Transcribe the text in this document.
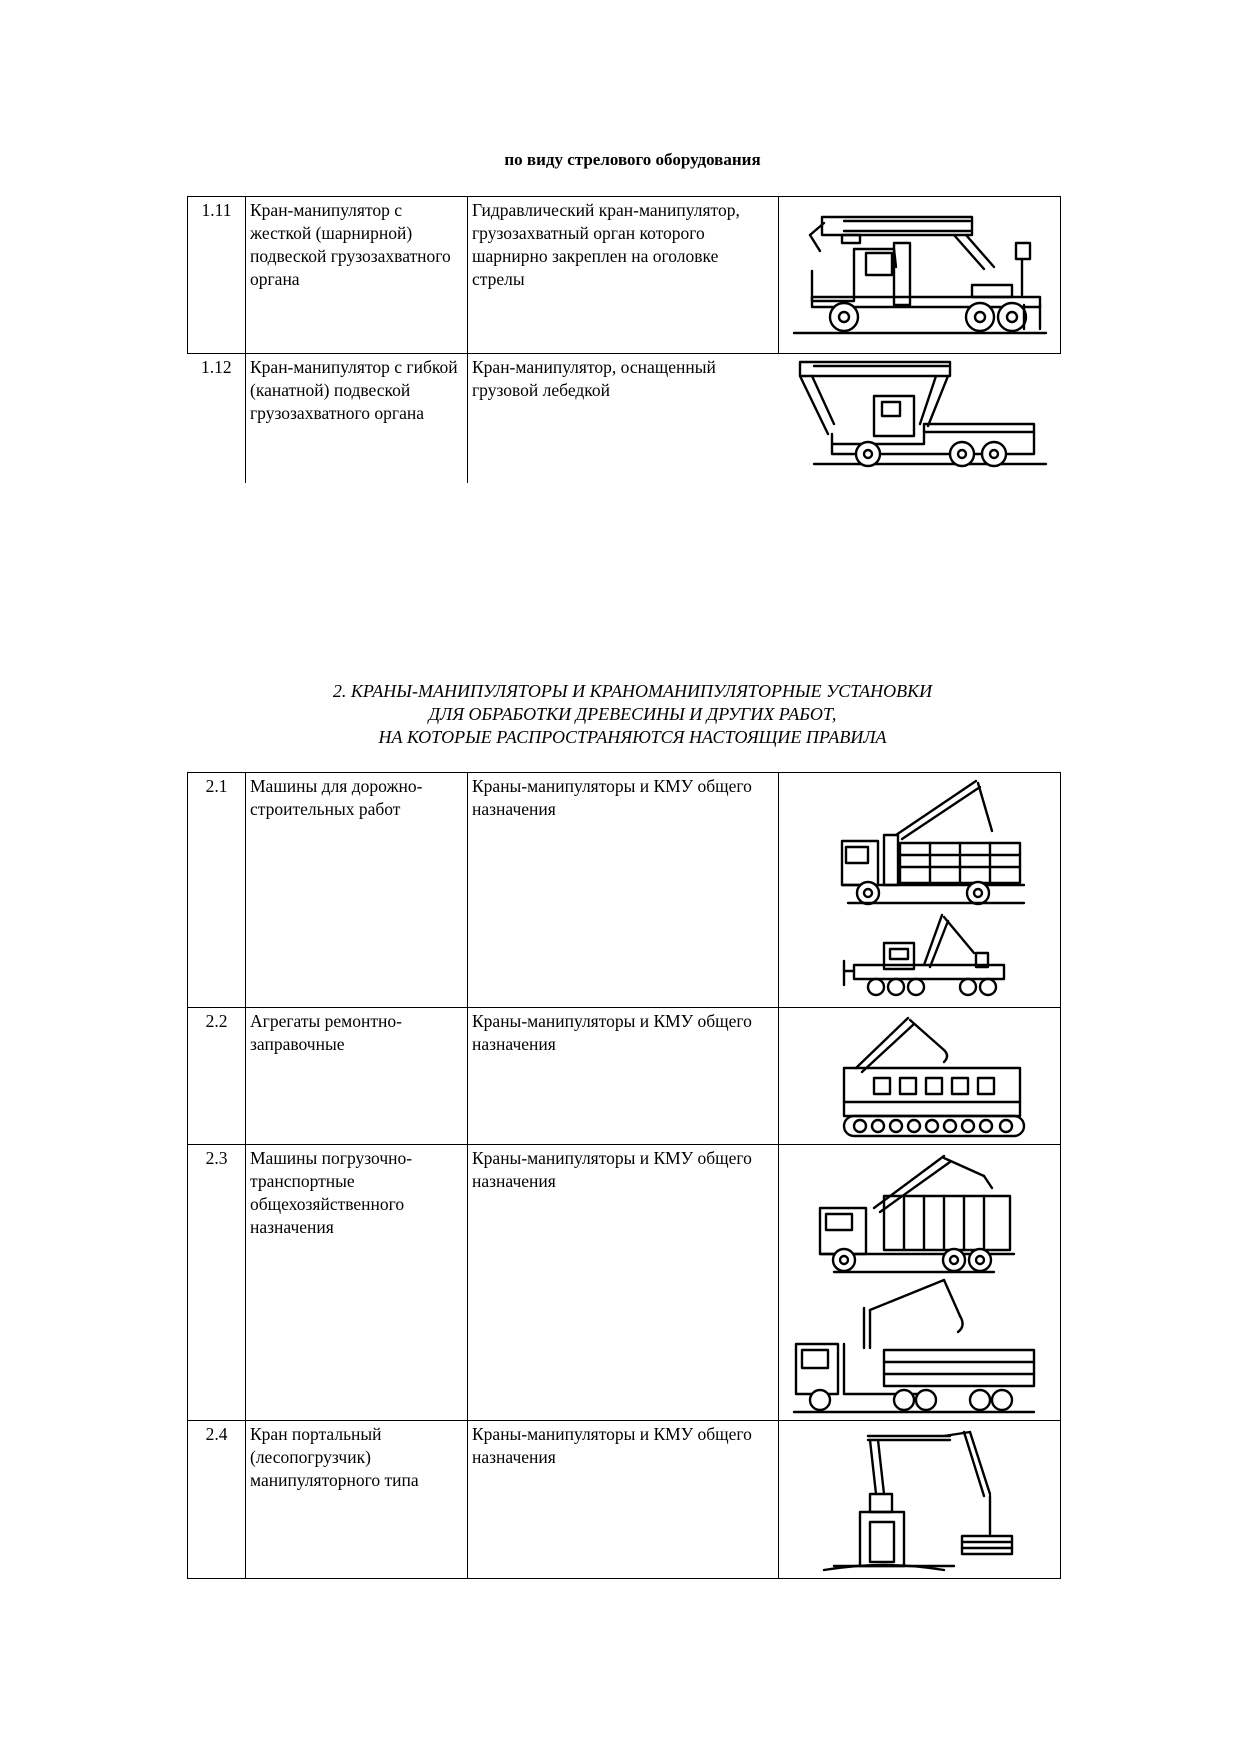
по виду стрелового оборудования
1.11	Кран-манипулятор с жесткой (шарнирной) подвеской грузозахватного органа	Гидравлический кран-манипулятор, грузозахватный орган которого шарнирно закреплен на оголовке стрелы	

1.12	Кран-манипулятор с гибкой (канатной) подвеской грузозахватного органа	Кран-манипулятор, оснащенный грузовой лебедкой	
2. КРАНЫ-МАНИПУЛЯТОРЫ И КРАНОМАНИПУЛЯТОРНЫЕ УСТАНОВКИ
ДЛЯ ОБРАБОТКИ ДРЕВЕСИНЫ И ДРУГИХ РАБОТ,
НА КОТОРЫЕ РАСПРОСТРАНЯЮТСЯ НАСТОЯЩИЕ ПРАВИЛА
2.1	Машины для дорожно-строительных работ	Краны-манипуляторы и КМУ общего назначения	

2.2	Агрегаты ремонтно-заправочные	Краны-манипуляторы и КМУ общего назначения	

2.3	Машины погрузочно-транспортные общехозяйственного назначения	Краны-манипуляторы и КМУ общего назначения	

2.4	Кран портальный (лесопогрузчик) манипуляторного типа	Краны-манипуляторы и КМУ общего назначения	
